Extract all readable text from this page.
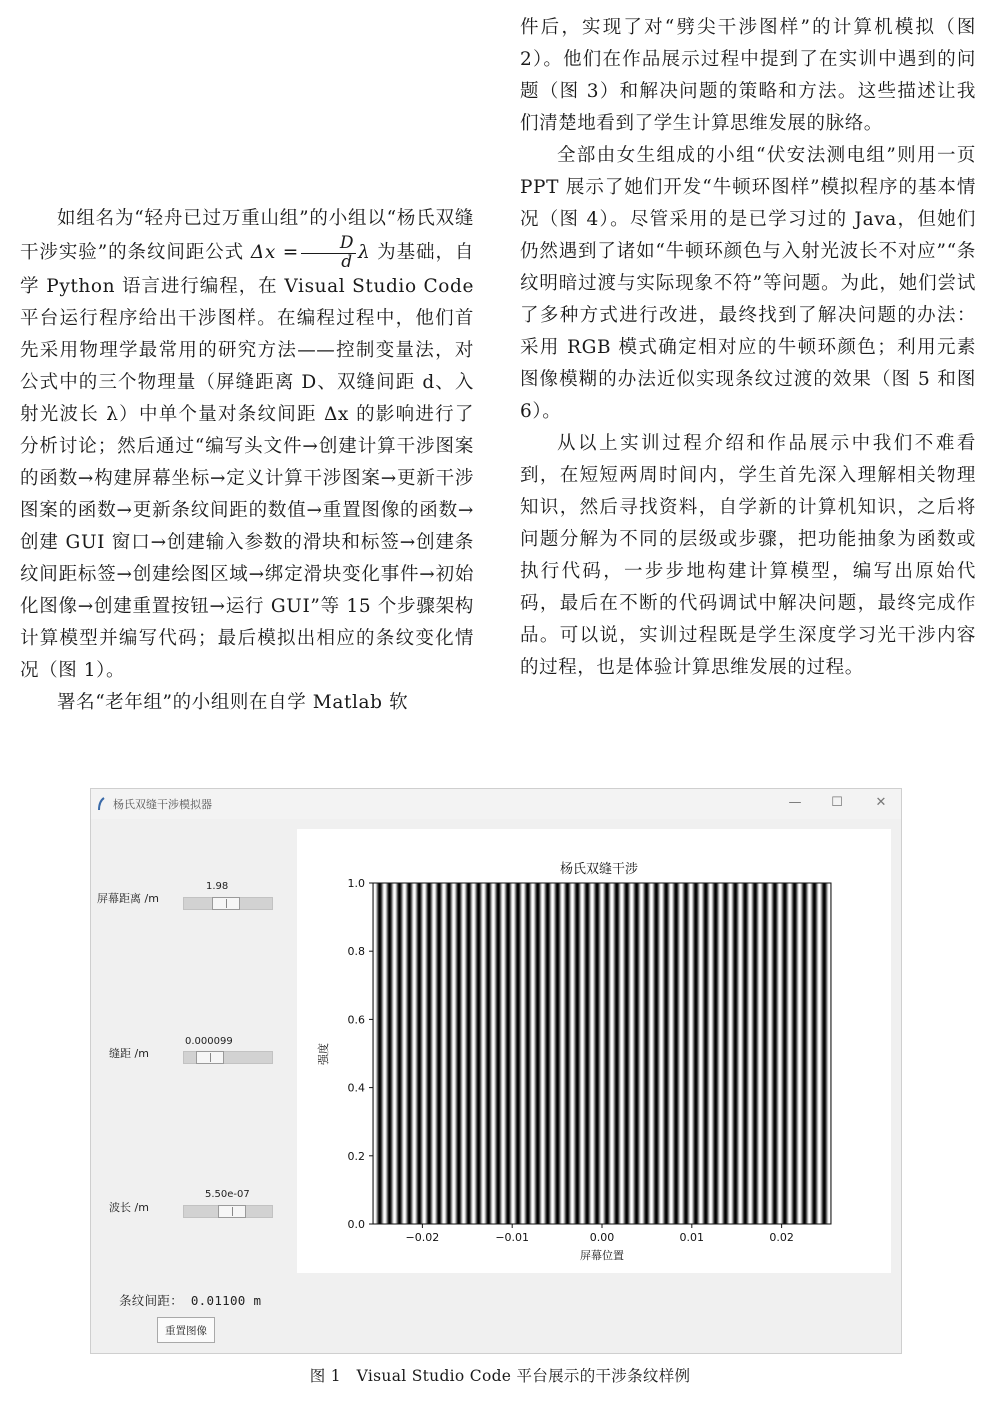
如组名为“轻舟已过万重山组”的小组以“杨氏双缝干涉实验”的条纹间距公式 $\Delta x = \frac{D}{d}$ λ 为基础，自学 Python 语言进行编程，在 Visual Studio Code 平台运行程序给出干涉图样。在编程过程中，他们首先采用物理学最常用的研究方法——控制变量法，对公式中的三个物理量（屏缝距离 D、双缝间距 d、入射光波长 λ）中单个量对条纹间距 Δx 的影响进行了分析讨论；然后通过“编写头文件→创建计算干涉图案的函数→构建屏幕坐标→定义计算干涉图案→更新干涉图案的函数→更新条纹间距的数值→重置图像的函数→创建 GUI 窗口→创建输入参数的滑块和标签→创建条纹间距标签→创建绘图区域→绑定滑块变化事件→初始化图像→创建重置按钮→运行 GUI”等 15 个步骤架构计算模型并编写代码；最后模拟出相应的条纹变化情况（图 1）。

署名“老年组”的小组则在自学 Matlab 软

件后，实现了对“劈尖干涉图样”的计算机模拟（图 2）。他们在作品展示过程中提到了在实训中遇到的问题（图 3）和解决问题的策略和方法。这些描述让我们清楚地看到了学生计算思维发展的脉络。

全部由女生组成的小组“伏安法测电组”则用一页 PPT 展示了她们开发“牛顿环图样”模拟程序的基本情况（图 4）。尽管采用的是已学习过的 Java，但她们仍然遇到了诸如“牛顿环颜色与入射光波长不对应”“条纹明暗过渡与实际现象不符”等问题。为此，她们尝试了多种方式进行改进，最终找到了解决问题的办法：采用 RGB 模式确定相对应的牛顿环颜色；利用元素图像模糊的办法近似实现条纹过渡的效果（图 5 和图 6）。

从以上实训过程介绍和作品展示中我们不难看到，在短短两周时间内，学生首先深入理解相关物理知识，然后寻找资料，自学新的计算机知识，之后将问题分解为不同的层级或步骤，把功能抽象为函数或执行代码，一步步地构建计算模型，编写出原始代码，最后在不断的代码调试中解决问题，最终完成作品。可以说，实训过程既是学生深度学习光干涉内容的过程，也是体验计算思维发展的过程。

杨氏双缝干涉模拟器	—	☐	✕
屏幕距离 /m
1.98
缝距 /m
0.000099
波长 /m
5.50e-07
条纹间距： 0.01100 m
重置图像
杨氏双缝干涉
−0.02	−0.01	0.00	0.01	0.02
0.0
0.2
0.4
0.6
0.8
1.0
屏幕位置
强度
图 1　Visual Studio Code 平台展示的干涉条纹样例
